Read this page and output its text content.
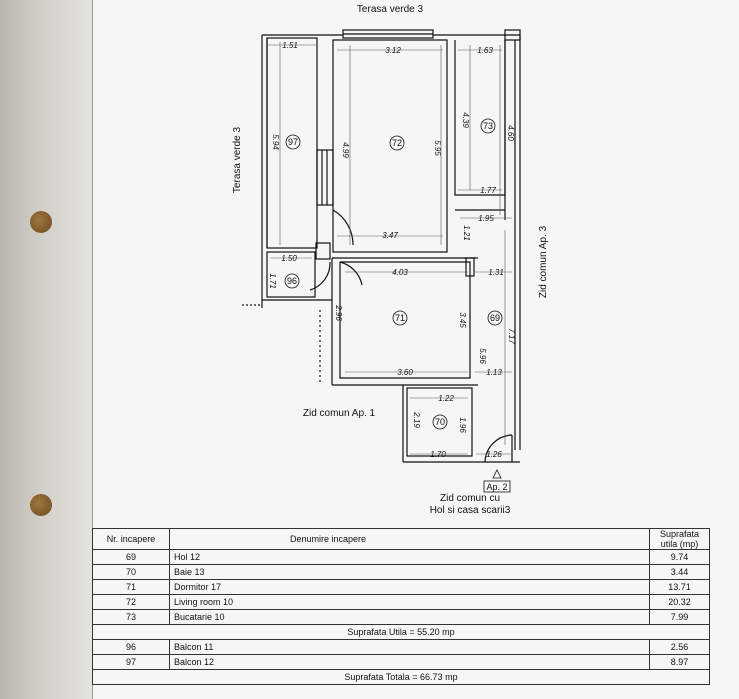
Terasa verde 3
Terasa verde 3
Zid comun Ap. 3
Zid comun Ap. 1
Zid comun cu
Hol si casa scarii3
Ap. 2
97	72
73
96
71	69
70
1.51
3.12	1.63
5.94
4.99	5.95
4.39
4.60
1.77
1.95
3.47	1.21
1.50
4.03	1.31
1.71
2.96	3.45
7.17
5.96
3.60	1.13
1.22
2.19	1.96
1.70	1.26
Nr. incapere	Denumire incapere	Suprafata utila (mp)
69	Hol 12	9.74
70	Baie 13	3.44
71	Dormitor 17	13.71
72	Living room 10	20.32
73	Bucatarie 10	7.99
Suprafata Utila = 55.20 mp		
96	Balcon 11	2.56
97	Balcon 12	8.97
Suprafata Totala = 66.73 mp		
